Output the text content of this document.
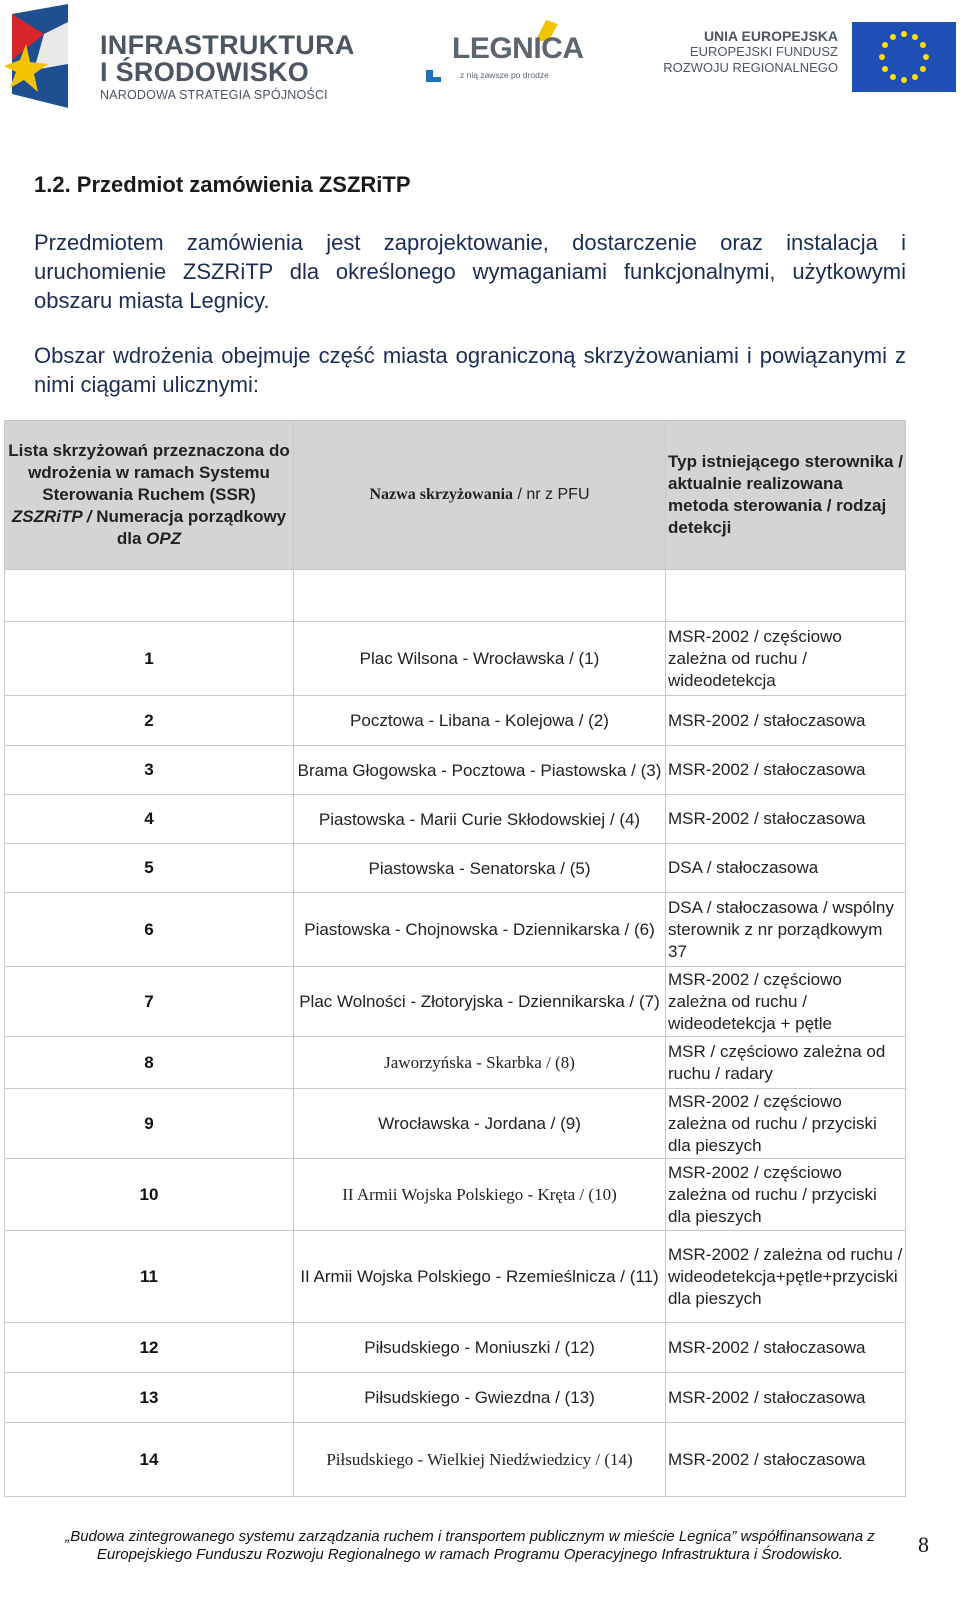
INFRASTRUKTURA
I ŚRODOWISKO
NARODOWA STRATEGIA SPÓJNOŚCI
LEGNICA
z nią zawsze po drodze
UNIA EUROPEJSKA
EUROPEJSKI FUNDUSZ
ROZWOJU REGIONALNEGO
1.2. Przedmiot zamówienia ZSZRiTP

Przedmiotem zamówienia jest zaprojektowanie, dostarczenie oraz instalacja i uruchomienie ZSZRiTP dla określonego wymaganiami funkcjonalnymi, użytkowymi obszaru miasta Legnicy.

Obszar wdrożenia obejmuje część miasta ograniczoną skrzyżowaniami i powiązanymi z nimi ciągami ulicznymi:

Lista skrzyżowań przeznaczona do wdrożenia w ramach Systemu Sterowania Ruchem (SSR) ZSZRiTP / Numeracja porządkowy dla OPZ	Nazwa skrzyżowania / nr z PFU	Typ istniejącego sterownika / aktualnie realizowana metoda sterowania / rodzaj detekcji

1	Plac Wilsona - Wrocławska / (1)	MSR-2002 / częściowo zależna od ruchu / wideodetekcja
2	Pocztowa - Libana - Kolejowa / (2)	MSR-2002 / stałoczasowa
3	Brama Głogowska - Pocztowa - Piastowska / (3)	MSR-2002 / stałoczasowa
4	Piastowska - Marii Curie Skłodowskiej / (4)	MSR-2002 / stałoczasowa
5	Piastowska - Senatorska / (5)	DSA / stałoczasowa
6	Piastowska - Chojnowska - Dziennikarska / (6)	DSA / stałoczasowa / wspólny sterownik z nr porządkowym 37
7	Plac Wolności - Złotoryjska - Dziennikarska / (7)	MSR-2002 / częściowo zależna od ruchu / wideodetekcja + pętle
8	Jaworzyńska - Skarbka / (8)	MSR / częściowo zależna od ruchu / radary
9	Wrocławska - Jordana / (9)	MSR-2002 / częściowo zależna od ruchu / przyciski dla pieszych
10	II Armii Wojska Polskiego - Kręta / (10)	MSR-2002 / częściowo zależna od ruchu / przyciski dla pieszych
11	II Armii Wojska Polskiego - Rzemieślnicza / (11)	MSR-2002 / zależna od ruchu / wideodetekcja+pętle+przyciski dla pieszych
12	Piłsudskiego - Moniuszki / (12)	MSR-2002 / stałoczasowa
13	Piłsudskiego - Gwiezdna / (13)	MSR-2002 / stałoczasowa
14	Piłsudskiego - Wielkiej Niedźwiedzicy / (14)	MSR-2002 / stałoczasowa
„Budowa zintegrowanego systemu zarządzania ruchem i transportem publicznym w mieście Legnica” współfinansowana z
Europejskiego Funduszu Rozwoju Regionalnego w ramach Programu Operacyjnego Infrastruktura i Środowisko.	8
